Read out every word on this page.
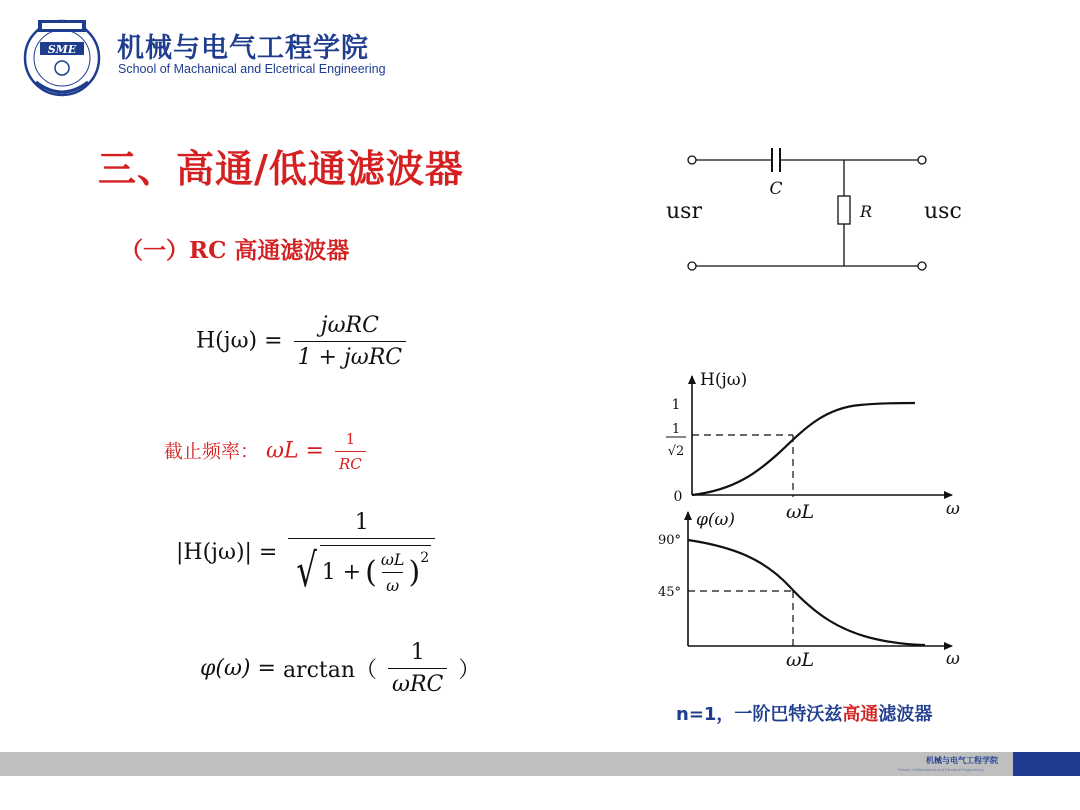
SME 机械与电气工程学院
School of Machanical and Elcetrical Engineering
三、高通/低通滤波器
（一）RC 高通滤波器
$H(j\omega) = \frac{\text{jωRC}}{\text{1 + jωRC}}$
截止频率： $\omega L = \frac{1}{RC}$
|H(jω)| =
1
√ 1 + ( $\frac{\omega L}{\omega}$ ) 2
$\varphi(\omega) = \arctan( \frac{1}{\text{ωRC}}$ ）
C
R
usr	usc
H(jω)
1
1
√2
0
ωL	ω
φ(ω)
90°
45°
ωL	ω
n=1，一阶巴特沃兹高通滤波器
机械与电气工程学院
School of Machanical and Electrical Engineering
